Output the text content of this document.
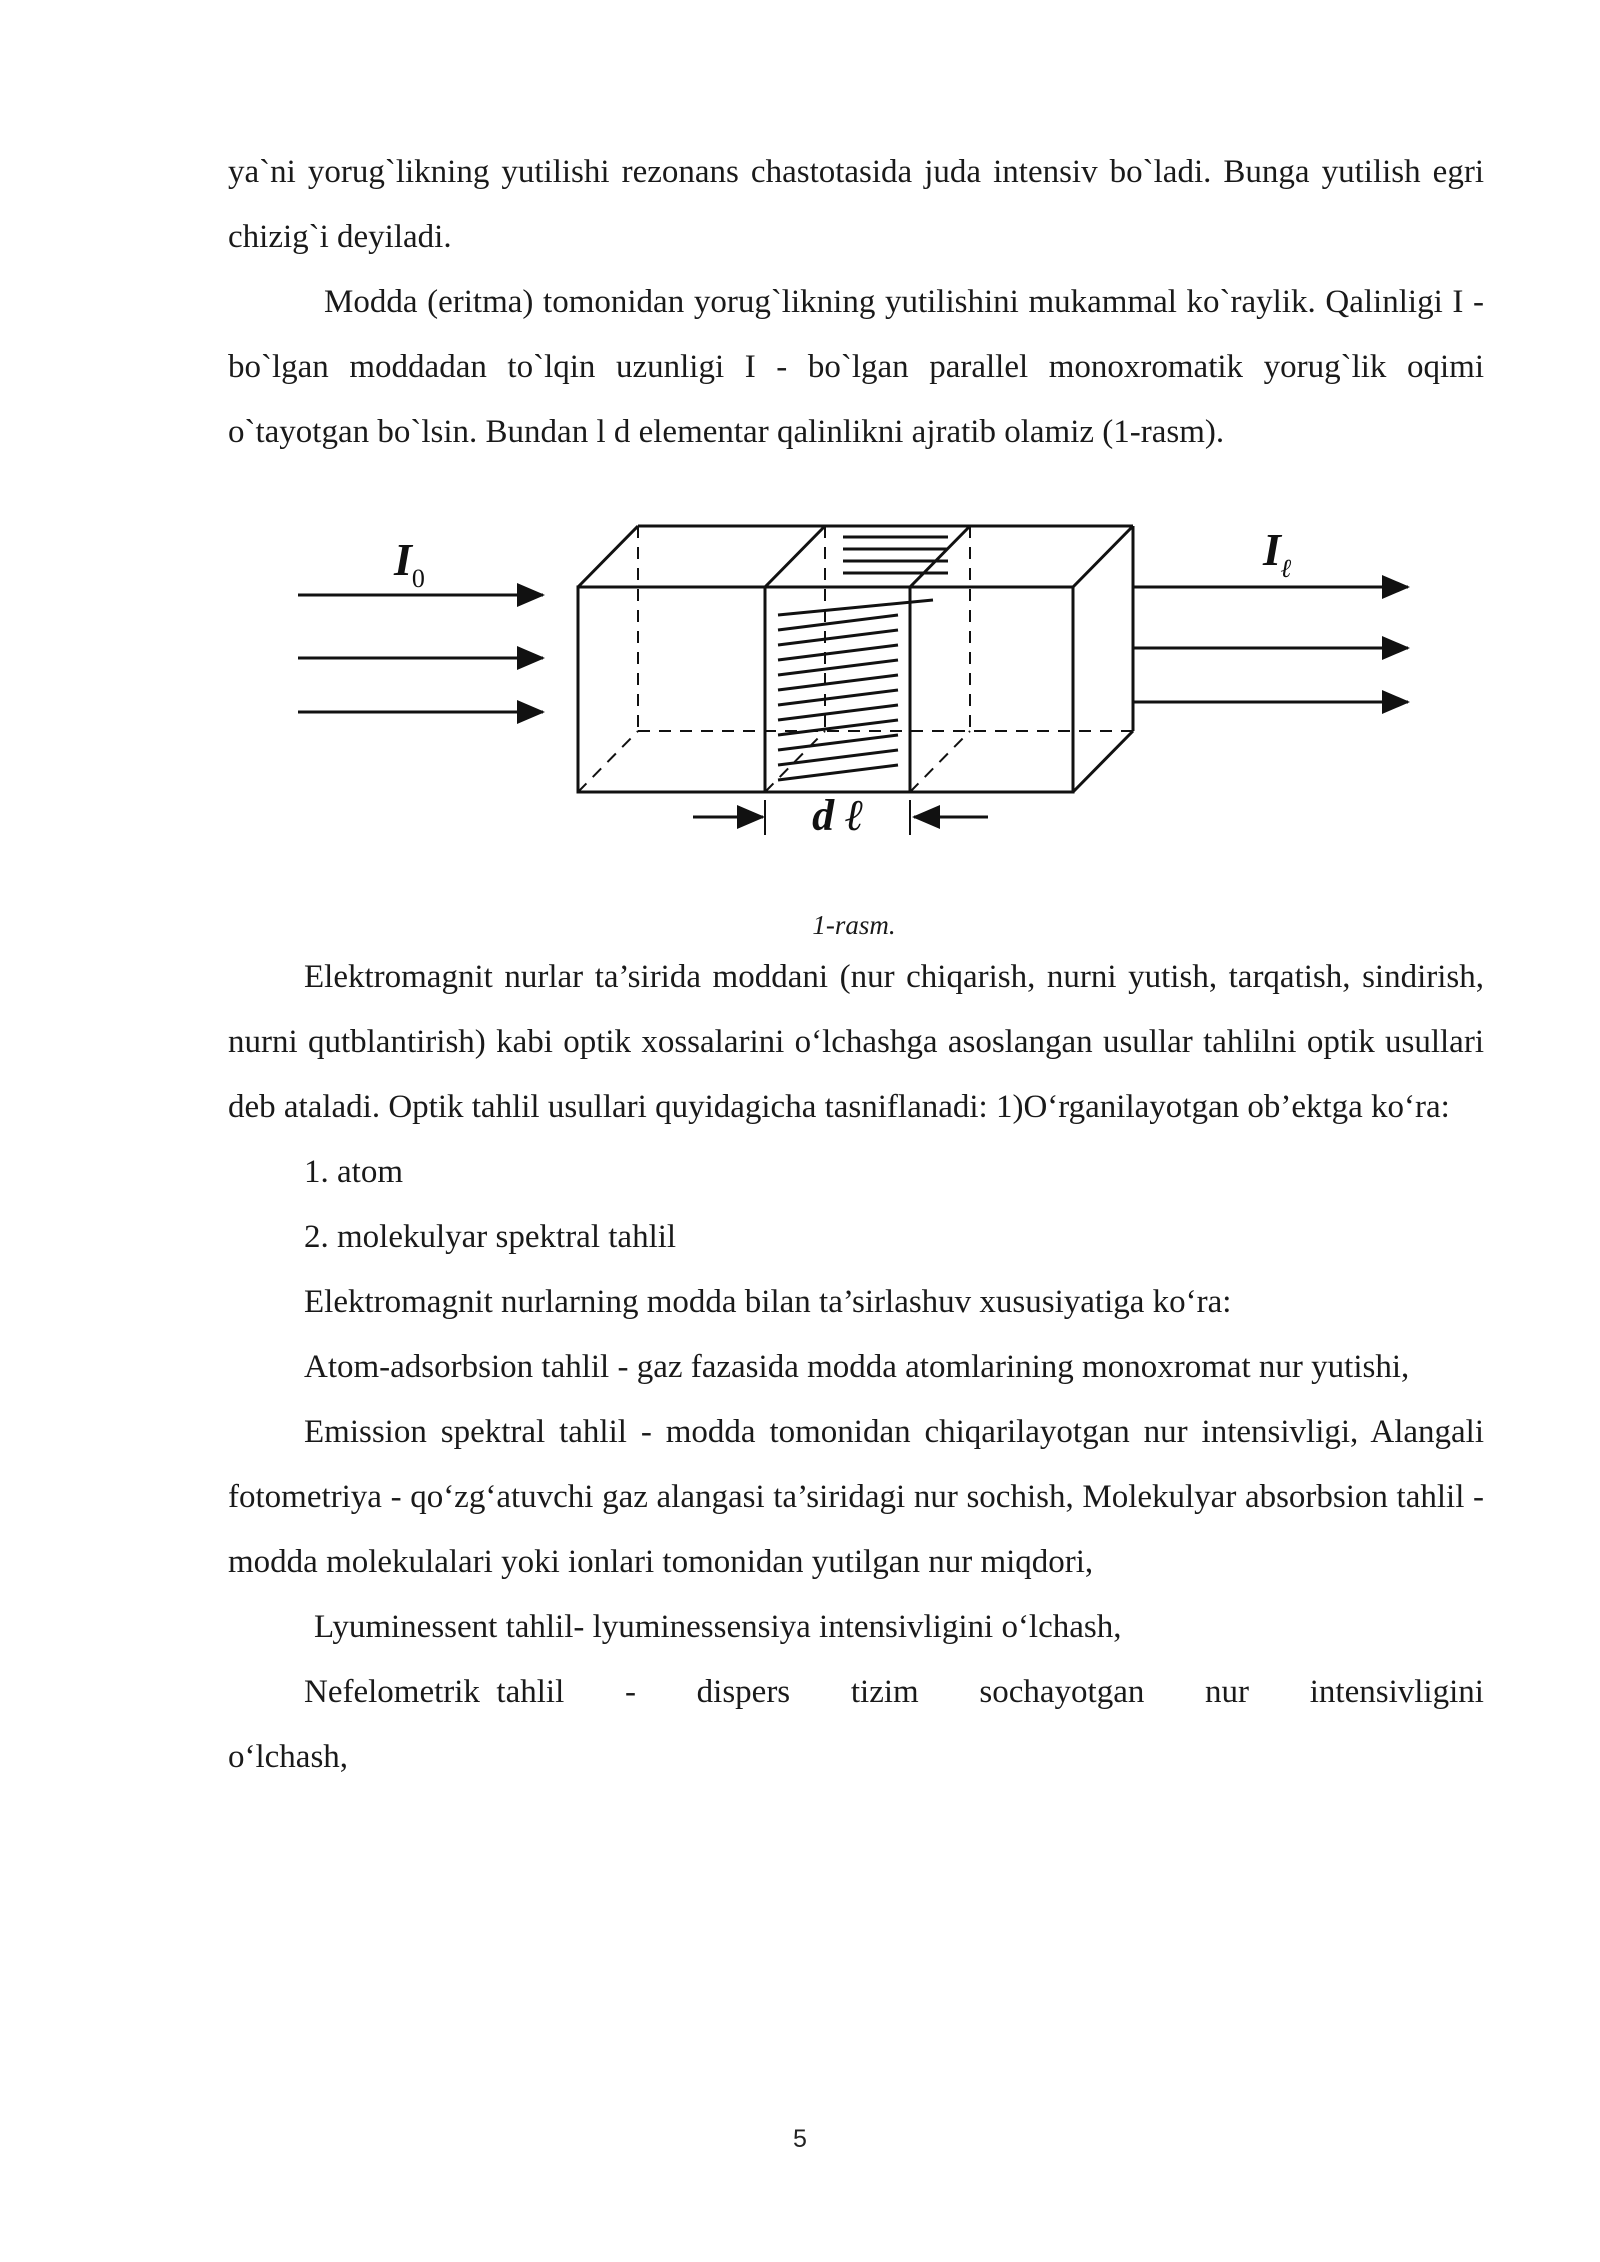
ya`ni yorug`likning yutilishi rezonans chastotasida juda intensiv bo`ladi. Bunga yutilish egri chizig`i deyiladi.

Modda (eritma) tomonidan yorug`likning yutilishini mukammal ko`raylik. Qalinligi I - bo`lgan moddadan to`lqin uzunligi I - bo`lgan parallel monoxromatik yorug`lik oqimi o`tayotgan bo`lsin. Bundan l d elementar qalinlikni ajratib olamiz (1-rasm).

$I_0$
$I_\ell$
d ℓ

1-rasm.

Elektromagnit nurlar ta’sirida moddani (nur chiqarish, nurni yutish, tarqatish, sindirish, nurni qutblantirish) kabi optik xossalarini o‘lchashga asoslangan usullar tahlilni optik usullari deb ataladi. Optik tahlil usullari quyidagicha tasniflanadi: 1)O‘rganilayotgan ob’ektga ko‘ra:

1. atom

2. molekulyar spektral tahlil

Elektromagnit nurlarning modda bilan ta’sirlashuv xususiyatiga ko‘ra:

Atom-adsorbsion tahlil - gaz fazasida modda atomlarining monoxromat nur yutishi,

Emission spektral tahlil - modda tomonidan chiqarilayotgan nur intensivligi, Alangali fotometriya - qo‘zg‘atuvchi gaz alangasi ta’siridagi nur sochish, Molekulyar absorbsion tahlil - modda molekulalari yoki ionlari tomonidan yutilgan nur miqdori,

Lyuminessent tahlil- lyuminessensiya intensivligini o‘lchash,

Nefelometrik  tahlil - dispers tizim sochayotgan nur intensivligini

o‘lchash,

5
